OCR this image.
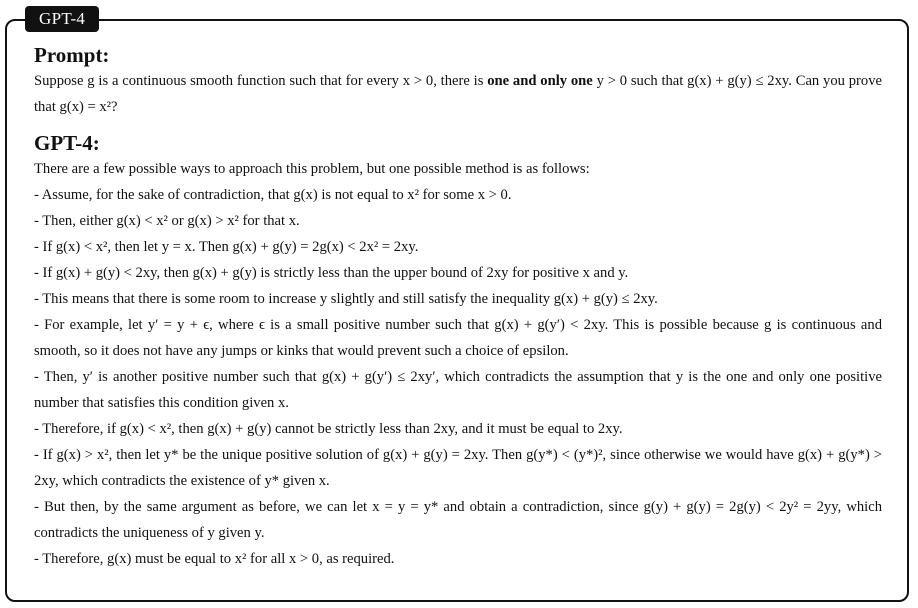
GPT-4
Prompt:

Suppose g is a continuous smooth function such that for every x > 0, there is one and only one y > 0 such that g(x) + g(y) ≤ 2xy. Can you prove that g(x) = x²?

GPT-4:

There are a few possible ways to approach this problem, but one possible method is as follows:

- Assume, for the sake of contradiction, that g(x) is not equal to x² for some x > 0.

- Then, either g(x) < x² or g(x) > x² for that x.

- If g(x) < x², then let y = x. Then g(x) + g(y) = 2g(x) < 2x² = 2xy.

- If g(x) + g(y) < 2xy, then g(x) + g(y) is strictly less than the upper bound of 2xy for positive x and y.

- This means that there is some room to increase y slightly and still satisfy the inequality g(x) + g(y) ≤ 2xy.

- For example, let y′ = y + ϵ, where ϵ is a small positive number such that g(x) + g(y′) < 2xy. This is possible because g is continuous and smooth, so it does not have any jumps or kinks that would prevent such a choice of epsilon.

- Then, y′ is another positive number such that g(x) + g(y′) ≤ 2xy′, which contradicts the assumption that y is the one and only one positive number that satisfies this condition given x.

- Therefore, if g(x) < x², then g(x) + g(y) cannot be strictly less than 2xy, and it must be equal to 2xy.

- If g(x) > x², then let y* be the unique positive solution of g(x) + g(y) = 2xy. Then g(y*) < (y*)², since otherwise we would have g(x) + g(y*) > 2xy, which contradicts the existence of y* given x.

- But then, by the same argument as before, we can let x = y = y* and obtain a contradiction, since g(y) + g(y) = 2g(y) < 2y² = 2yy, which contradicts the uniqueness of y given y.

- Therefore, g(x) must be equal to x² for all x > 0, as required.
